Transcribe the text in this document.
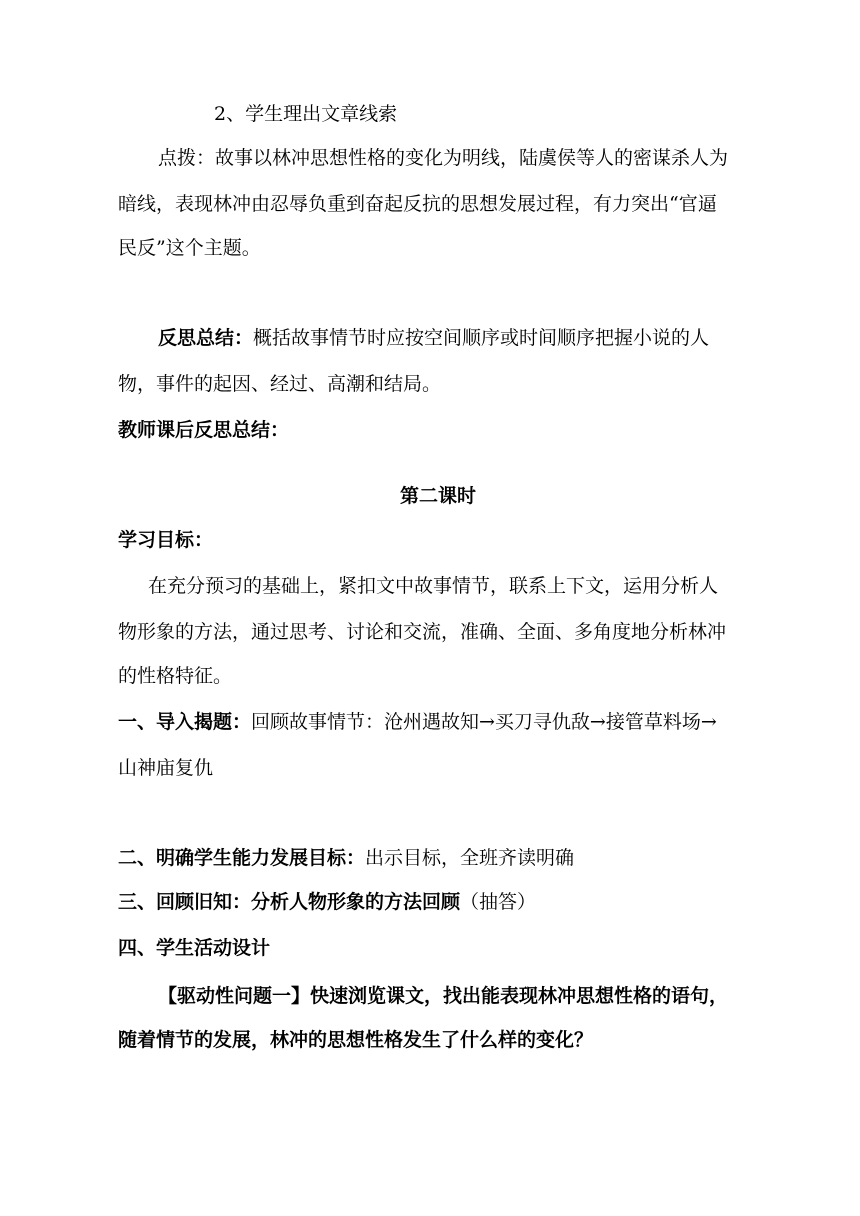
2、学生理出文章线索
点拨：故事以林冲思想性格的变化为明线，陆虞侯等人的密谋杀人为
暗线，表现林冲由忍辱负重到奋起反抗的思想发展过程，有力突出“官逼
民反”这个主题。
反思总结：概括故事情节时应按空间顺序或时间顺序把握小说的人
物，事件的起因、经过、高潮和结局。
教师课后反思总结：
第二课时
学习目标：
在充分预习的基础上，紧扣文中故事情节，联系上下文，运用分析人
物形象的方法，通过思考、讨论和交流，准确、全面、多角度地分析林冲
的性格特征。
一、导入揭题：回顾故事情节：沧州遇故知→买刀寻仇敌→接管草料场→
山神庙复仇
二、明确学生能力发展目标：出示目标，全班齐读明确
三、回顾旧知：分析人物形象的方法回顾（抽答）
四、学生活动设计
【驱动性问题一】快速浏览课文，找出能表现林冲思想性格的语句，
随着情节的发展，林冲的思想性格发生了什么样的变化？
